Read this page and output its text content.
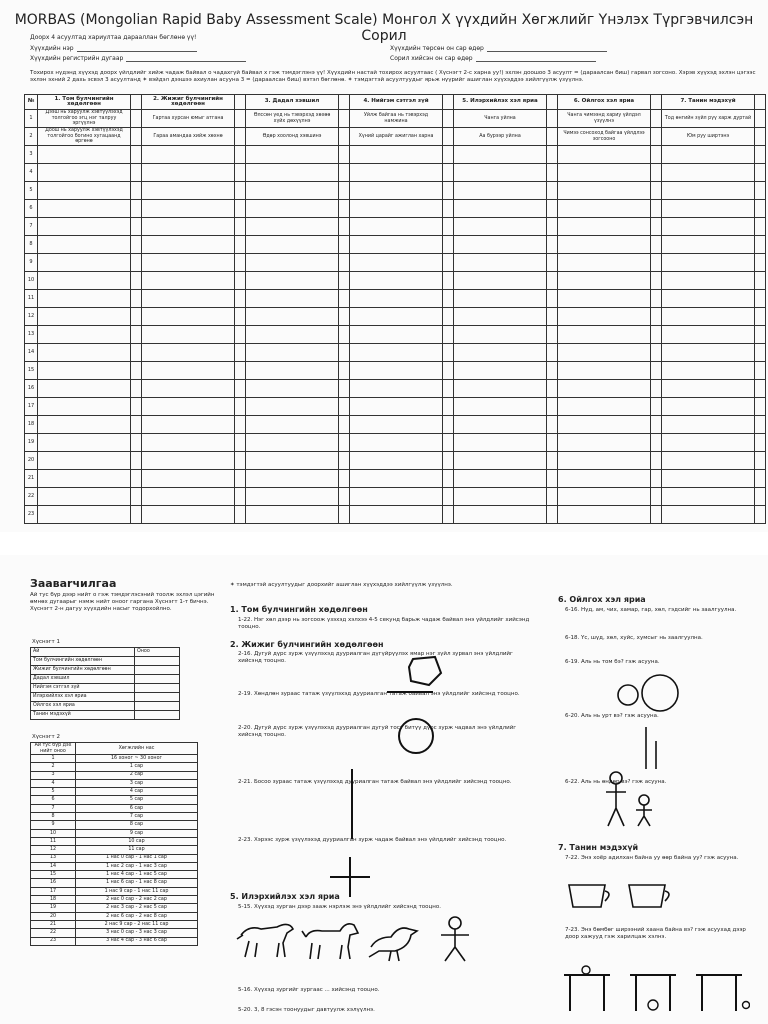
MORBAS (Mongolian Rapid Baby Assessment Scale) Монгол Х үүхдийн Хөгжлийг Үнэлэх Түргэвчилсэн Сорил
Доорх 4 асуултад хариултаа дарааллан бөглөнө үү!
Хүүхдийн нэр
Хүүхдийн регистрийн дугаар
Хүүхдийн төрсөн он сар өдөр
Сорил хийсэн он сар өдөр
Тохирох нүдэнд хүүхэд доорх үйлдлийг хийж чадаж байвал о чадахгүй байвал х гэж тэмдэглэнэ үү! Хүүхдийн настай тохирох асуултаас ( Хүснэгт 2-с харна уу!) эхлэн доошоо 3 асуулт = (дараалсан биш) гарвал зогсоно. Хэрэв хүүхэд эхлэн цэгээс эхлэн эхний 2 дахь эсвэл 3 асуултанд ✶ вэйдэл дээшээ ахиулан асууна 3 = (дараалсан биш) вэтэл бөглөнө. ✶ тэмдэгтэй асуултуудыг ярьж нүүрийг ашиглан хүүхэддээ хийлгүүлж үзүүлнэ.
№	1. Том булчингийн хөдөлгөөн		2. Жижиг булчингийн хөдөлгөөн		3. Дадал хэвшил		4. Нийгэм сэтгэл зүй		5. Илэрхийлэх хэл яриа		6. Ойлгох хэл яриа		7. Танин мэдэхүй	
1	Дээш нь харуулж хэвтүүлэхэд толгойгоо эгц нэг талруу эргүүлнэ		Гартаа хурсан юмыг атгана		Өлссөн үед нь тэвэрхэд хөхөө хүйх дөхүүлнэ		Уйлж байгаа нь тэвэрхэд намжина		Чанга уйлна		Чанга чимээнд хариу үйлдэл үзүүлнэ		Тод өнгийн зүйл рүү харж дуртай	
2	Доош нь харуулж хэвтүүлэхэд толгойгоо богино хугацаанд өргөнө		Гараа амандаа хийж хөхнө		Өдөр хоолонд хэвшинэ		Хүний царайг ажиглан харна		Аа бурээр уйлна		Чимээ сонсоход байгаа үйлдлээ зогсооно		Юм руу ширтэнэ	
3														
4														
5														
6														
7														
8														
9														
10														
11														
12														
13														
14														
15														
16														
17														
18														
19														
20														
21														
22														
23														
Заавarчилгаа
Ай тус бүр дээр нийт о гэж тэмдэглэсэний тоолж эхлэл цэгийн өмнөх дугаарыг нэмж нийт оноог гаргана Хүснэгт 1-т бичнэ. Хүснэгт 2-н дагуу хүүхдийн насыг тодорхойлно.
✶ тэмдэгтэй асуултуудыг доорхийг ашиглан хүүхэддээ хийлгүүлж үзүүлнэ.
Хүснэгт 1
Ай	Оноо
Том булчингийн хөдөлгөөн	
Жижиг булчингийн хөдөлгөөн	
Дадал хэвшил	
Нийгэм сэтгэл зүй	
Илэрхийлэх хэл яриа	
Ойлгох хэл яриа	
Танин мэдэхүй	
Хүснэгт 2
Ай тус бүр дэх нийт оноо	Хөгжлийн нас
1	16 хоног ~ 30 хоног
2	1 сар
3	2 сар
4	3 сар
5	4 сар
6	5 сар
7	6 сар
8	7 сар
9	8 сар
10	9 сар
11	10 сар
12	11 сар
13	1 нас 0 сар - 1 нас 1 сар
14	1 нас 2 сар - 1 нас 3 сар
15	1 нас 4 сар - 1 нас 5 сар
16	1 нас 6 сар - 1 нас 8 сар
17	1 нас 9 сар - 1 нас 11 сар
18	2 нас 0 сар - 2 нас 2 сар
19	2 нас 3 сар - 2 нас 5 сар
20	2 нас 6 сар - 2 нас 8 сар
21	2 нас 9 сар - 2 нас 11 сар
22	3 нас 0 сар - 3 нас 3 сар
23	3 нас 4 сар - 3 нас 6 сар
1. Том булчингийн хөдөлгөөн
1-22. Нэг хөл дээр нь зогсоож үзэхэд хэлхээ 4-5 секунд барьж чадаж байвал энэ үйлдлийг хийсэнд тооцно.
2. Жижиг булчингийн хөдөлгөөн
2-16. Дугуй дүрс зурж үзүүлэхэд дууриалган дүгүйрүүлэх ямар нэг зүйл зурвал энэ үйлдлийг хийсэнд тооцно.
2-19. Хөндлөн зураас татаж үзүүлэхэд дууриалган татаж байвал энэ үйлдлийг хийсэнд тооцно.
2-20. Дугуй дүрс зурж үзүүлэхэд дууриалган дугуй тост битүү дүрс зурж чадвал энэ үйлдлийг хийсэнд тооцно.
2-21. Босоо зураас татаж үзүүлэхэд дууриалган татаж байвал энэ үйлдлийг хийсэнд тооцно.
2-23. Хэрээс зурж үзүүлэхэд дууриалган зурж чадаж байвал энэ үйлдлийг хийсэнд тооцно.
5. Илэрхийлэх хэл яриа
5-15. Хүүхэд зурган дээр зааж нэрлэж энэ үйлдлийг хийсэнд тооцно.
5-16. Хүүхэд зургийг зургаас ... хийсэнд тооцно.
5-20. 3, 8 гэсэн тоонуудыг давтуулж хэлүүлнэ.
6. Ойлгох хэл яриа
6-16. Нүд, ам, чих, хамар, гар, хөл, гэдсийг нь заалгуулна.
6-18. Үс, шүд, хөл, хуйс, хумсыг нь заалгуулна.
6-19. Аль нь том бэ? гэж асууна.
6-20. Аль нь урт вэ? гэж асууна.
6-22. Аль нь өндөр вэ? гэж асууна.
7. Танин мэдэхүй
7-22. Энэ хоёр адилхан байна уу өөр байна уу? гэж асууна.
7-23. Энэ бөмбөг ширээний хаана байна вэ? гэж асуухад дээр доор хажууд гэж харилцаж хэлнэ.
